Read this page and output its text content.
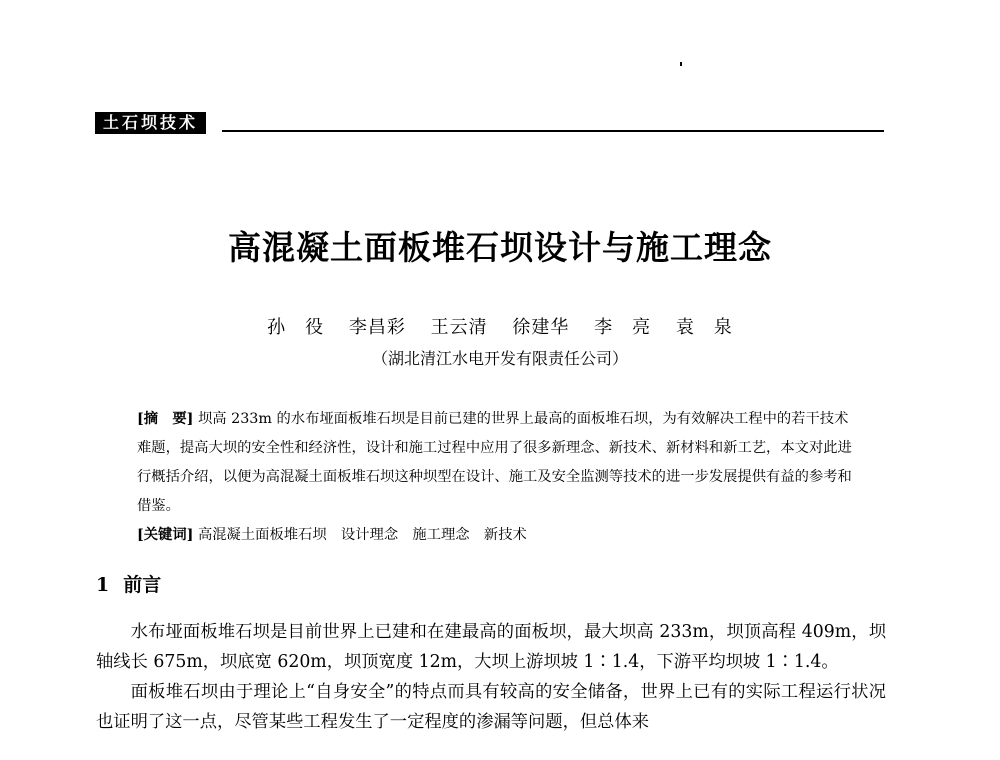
土石坝技术
高混凝土面板堆石坝设计与施工理念
孙　役 李昌彩 王云清 徐建华 李　亮 袁　泉
（湖北清江水电开发有限责任公司）

[摘　要] 坝高 233m 的水布垭面板堆石坝是目前已建的世界上最高的面板堆石坝，为有效解决工程中的若干技术难题，提高大坝的安全性和经济性，设计和施工过程中应用了很多新理念、新技术、新材料和新工艺，本文对此进行概括介绍，以便为高混凝土面板堆石坝这种坝型在设计、施工及安全监测等技术的进一步发展提供有益的参考和借鉴。

[关键词] 高混凝土面板堆石坝　设计理念　施工理念　新技术

1 前言

水布垭面板堆石坝是目前世界上已建和在建最高的面板坝，最大坝高 233m，坝顶高程 409m，坝轴线长 675m，坝底宽 620m，坝顶宽度 12m，大坝上游坝坡 1∶1.4，下游平均坝坡 1∶1.4。

面板堆石坝由于理论上“自身安全”的特点而具有较高的安全储备，世界上已有的实际工程运行状况也证明了这一点，尽管某些工程发生了一定程度的渗漏等问题，但总体来
